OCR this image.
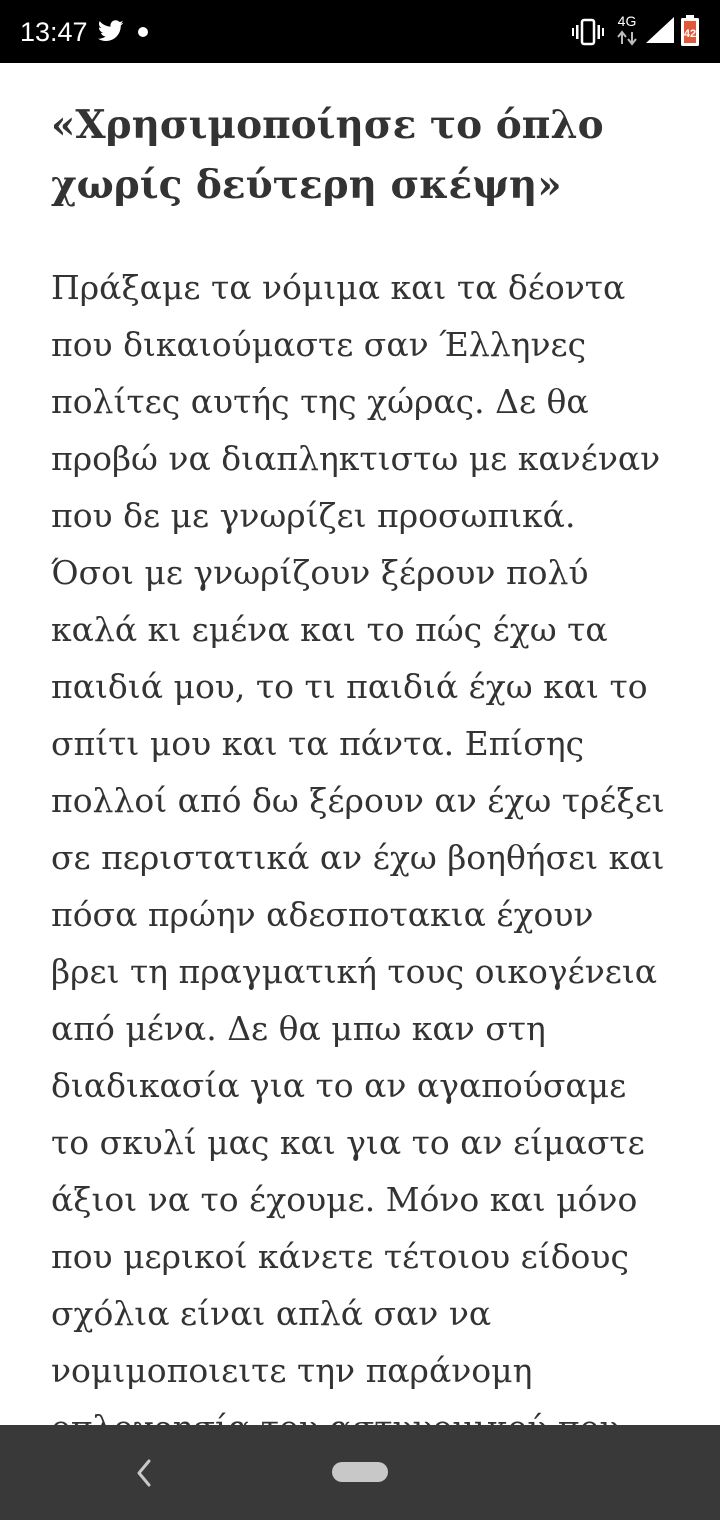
13:47	4G
42
«Χρησιμοποίησε το όπλο
χωρίς δεύτερη σκέψη»

Πράξαμε τα νόμιμα και τα δέοντα
που δικαιούμαστε σαν Έλληνες
πολίτες αυτής της χώρας. Δε θα
προβώ να διαπληκτιστω με κανέναν
που δε με γνωρίζει προσωπικά.
Όσοι με γνωρίζουν ξέρουν πολύ
καλά κι εμένα και το πώς έχω τα
παιδιά μου, το τι παιδιά έχω και το
σπίτι μου και τα πάντα. Επίσης
πολλοί από δω ξέρουν αν έχω τρέξει
σε περιστατικά αν έχω βοηθήσει και
πόσα πρώην αδεσποτακια έχουν
βρει τη πραγματική τους οικογένεια
από μένα. Δε θα μπω καν στη
διαδικασία για το αν αγαπούσαμε
το σκυλί μας και για το αν είμαστε
άξιοι να το έχουμε. Μόνο και μόνο
που μερικοί κάνετε τέτοιου είδους
σχόλια είναι απλά σαν να
νομιμοποιειτε την παράνομη
